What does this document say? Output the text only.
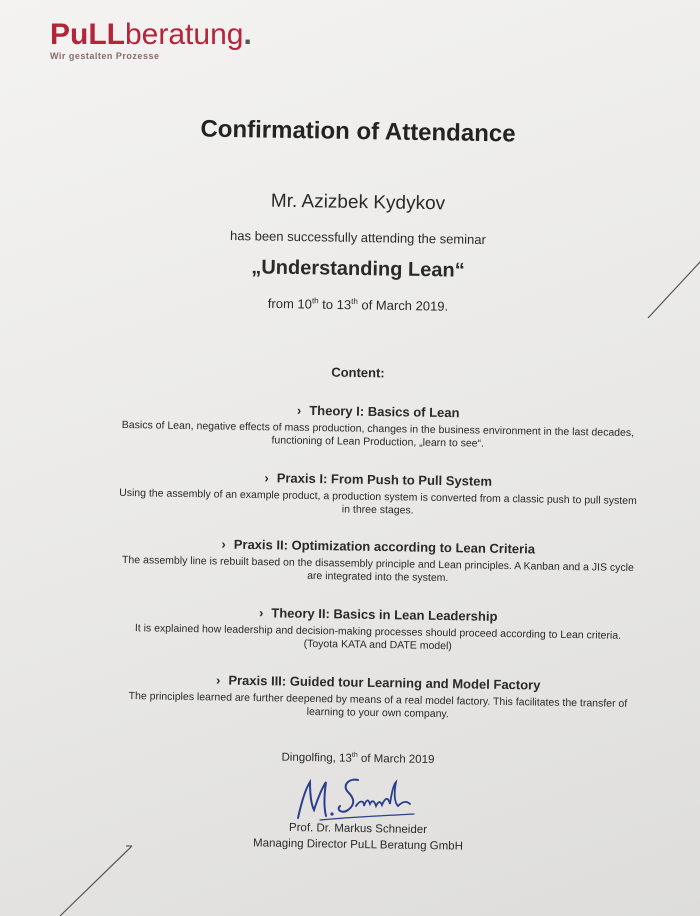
PuLLberatung.
Wir gestalten Prozesse
Confirmation of Attendance
Mr. Azizbek Kydykov
has been successfully attending the seminar
„Understanding Lean“
from 10th to 13th of March 2019.
Content:
› Theory I: Basics of Lean
Basics of Lean, negative effects of mass production, changes in the business environment in the last decades, functioning of Lean Production, „learn to see“.
› Praxis I: From Push to Pull System
Using the assembly of an example product, a production system is converted from a classic push to pull system in three stages.
› Praxis II: Optimization according to Lean Criteria
The assembly line is rebuilt based on the disassembly principle and Lean principles. A Kanban and a JIS cycle are integrated into the system.
› Theory II: Basics in Lean Leadership
It is explained how leadership and decision-making processes should proceed according to Lean criteria. (Toyota KATA and DATE model)
› Praxis III: Guided tour Learning and Model Factory
The principles learned are further deepened by means of a real model factory. This facilitates the transfer of learning to your own company.
Dingolfing, 13th of March 2019
Prof. Dr. Markus Schneider
Managing Director PuLL Beratung GmbH
